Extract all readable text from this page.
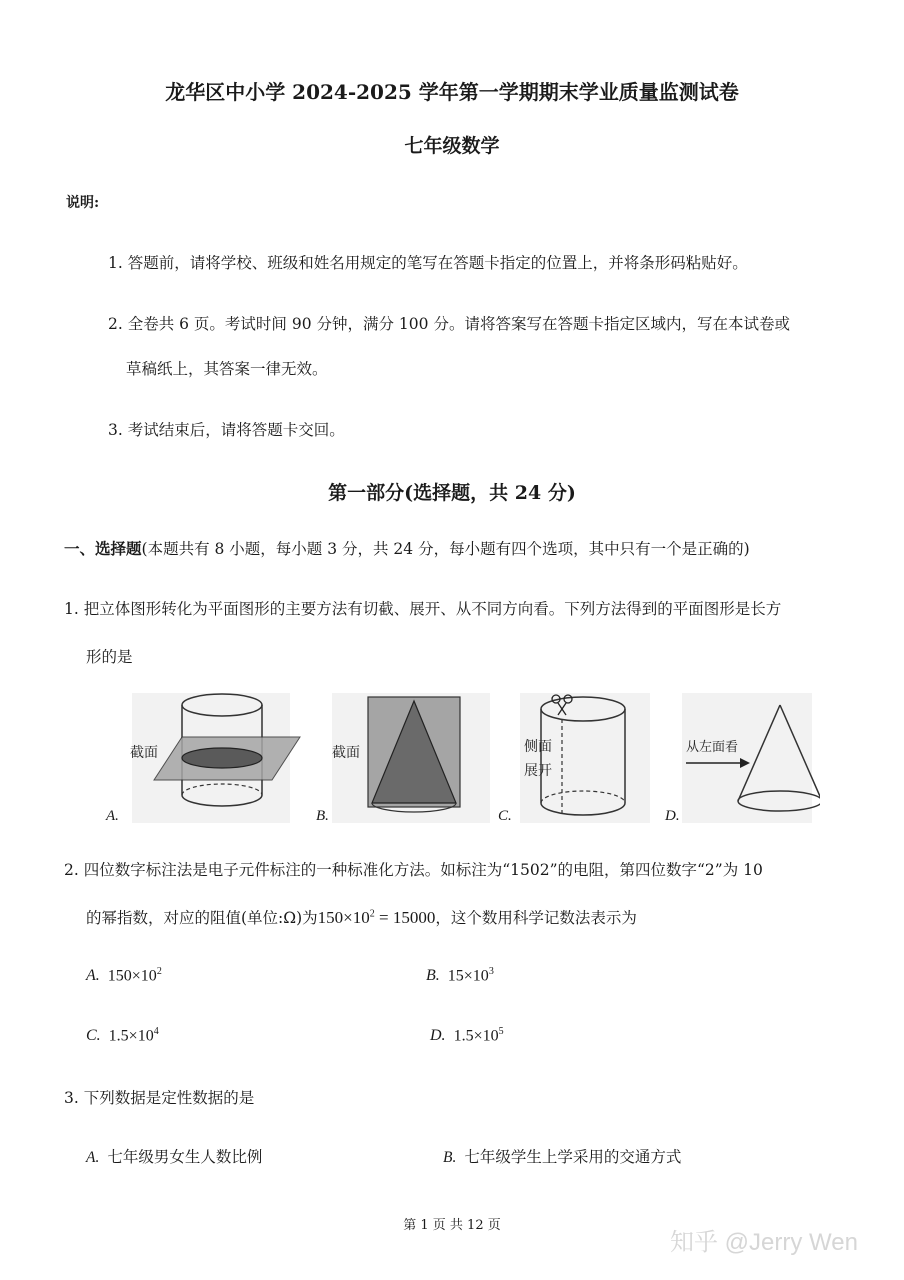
龙华区中小学 2024-2025 学年第一学期期末学业质量监测试卷
七年级数学
说明:
1. 答题前，请将学校、班级和姓名用规定的笔写在答题卡指定的位置上，并将条形码粘贴好。
2. 全卷共 6 页。考试时间 90 分钟，满分 100 分。请将答案写在答题卡指定区域内，写在本试卷或
草稿纸上，其答案一律无效。
3. 考试结束后，请将答题卡交回。
第一部分(选择题，共 24 分)
一、选择题(本题共有 8 小题，每小题 3 分，共 24 分，每小题有四个选项，其中只有一个是正确的)
1. 把立体图形转化为平面图形的主要方法有切截、展开、从不同方向看。下列方法得到的平面图形是长方
形的是
截面	截面	侧面
展开
从左面看
A.	B.	C.	D.
2. 四位数字标注法是电子元件标注的一种标准化方法。如标注为“1502”的电阻，第四位数字“2”为 10
的幂指数，对应的阻值(单位:Ω)为$150\times 10^2 = 15000$，这个数用科学记数法表示为
A. $150\times 10^2$	B. $15\times 10^3$
C. $1.5\times 10^4$	D. $1.5\times 10^5$
3. 下列数据是定性数据的是
A. 七年级男女生人数比例	B. 七年级学生上学采用的交通方式
第 1 页 共 12 页
知乎 @Jerry Wen
